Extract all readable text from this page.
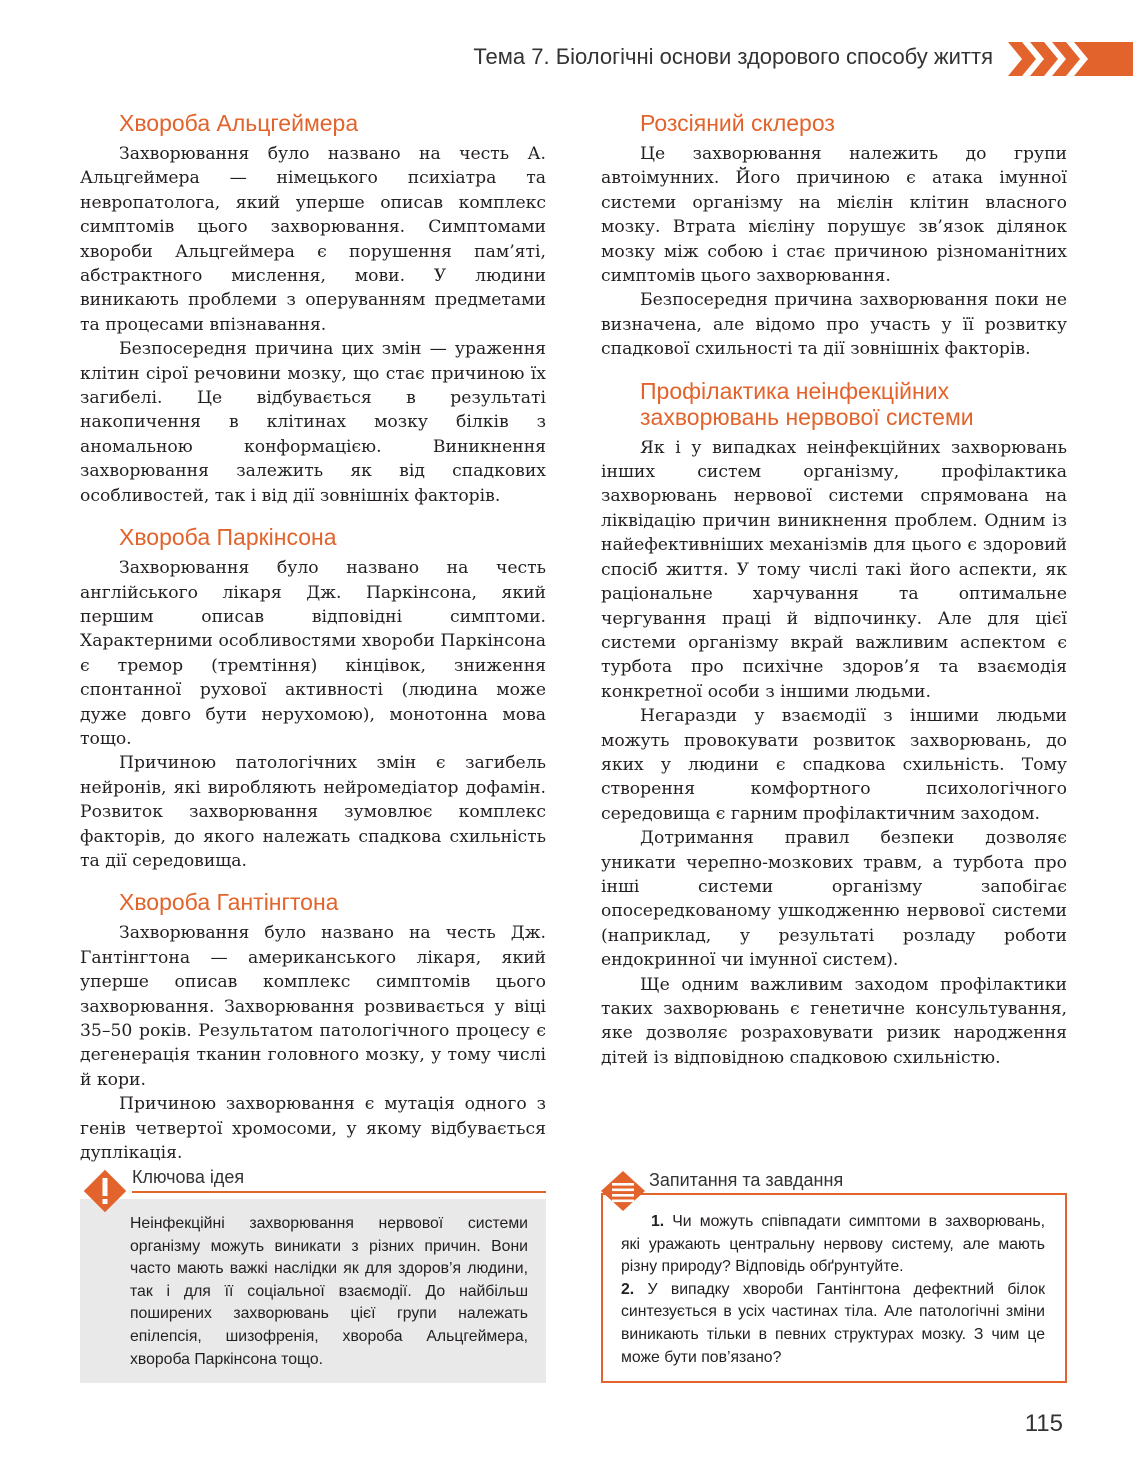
Тема 7. Біологічні основи здорового способу життя
Хвороба Альцгеймера

Захворювання було названо на честь А. Альцгеймера — німецького психіатра та невропатолога, який уперше описав комплекс симптомів цього захворювання. Симптомами хвороби Альцгеймера є порушення пам’яті, абстрактного мислення, мови. У людини виникають проблеми з оперуванням предметами та процесами впізнавання.

Безпосередня причина цих змін — ураження клітин сірої речовини мозку, що стає причиною їх загибелі. Це відбувається в результаті накопичення в клітинах мозку білків з аномальною конформацією. Виникнення захворювання залежить як від спадкових особливостей, так і від дії зовнішніх факторів.

Хвороба Паркінсона

Захворювання було названо на честь англійського лікаря Дж. Паркінсона, який першим описав відповідні симптоми. Характерними особливостями хвороби Паркінсона є тремор (тремтіння) кінцівок, зниження спонтанної рухової активності (людина може дуже довго бути нерухомою), монотонна мова тощо.

Причиною патологічних змін є загибель нейронів, які виробляють нейромедіатор дофамін. Розвиток захворювання зумовлює комплекс факторів, до якого належать спадкова схильність та дії середовища.

Хвороба Гантінгтона

Захворювання було названо на честь Дж. Гантінгтона — американського лікаря, який уперше описав комплекс симптомів цього захворювання. Захворювання розвивається у віці 35–50 років. Результатом патологічного процесу є дегенерація тканин головного мозку, у тому числі й кори.

Причиною захворювання є мутація одного з генів четвертої хромосоми, у якому відбувається дуплікація.

Розсіяний склероз

Це захворювання належить до групи автоімунних. Його причиною є атака імунної системи організму на мієлін клітин власного мозку. Втрата мієліну порушує зв’язок ділянок мозку між собою і стає причиною різноманітних симптомів цього захворювання.

Безпосередня причина захворювання поки не визначена, але відомо про участь у її розвитку спадкової схильності та дії зовнішніх факторів.

Профілактика неінфекційних захворювань нервової системи

Як і у випадках неінфекційних захворювань інших систем організму, профілактика захворювань нервової системи спрямована на ліквідацію причин виникнення проблем. Одним із найефективніших механізмів для цього є здоровий спосіб життя. У тому числі такі його аспекти, як раціональне харчування та оптимальне чергування праці й відпочинку. Але для цієї системи організму вкрай важливим аспектом є турбота про психічне здоров’я та взаємодія конкретної особи з іншими людьми.

Негаразди у взаємодії з іншими людьми можуть провокувати розвиток захворювань, до яких у людини є спадкова схильність. Тому створення комфортного психологічного середовища є гарним профілактичним заходом.

Дотримання правил безпеки дозволяє уникати черепно-мозкових травм, а турбота про інші системи організму запобігає опосередкованому ушкодженню нервової системи (наприклад, у результаті розладу роботи ендокринної чи імунної систем).

Ще одним важливим заходом профілактики таких захворювань є генетичне консультування, яке дозволяє розраховувати ризик народження дітей із відповідною спадковою схильністю.

Неінфекційні захворювання нервової системи організму можуть виникати з різних причин. Вони часто мають важкі наслідки як для здоров’я людини, так і для її соціальної взаємодії. До найбільш поширених захворювань цієї групи належать епілепсія, шизофренія, хвороба Альцгеймера, хвороба Паркінсона тощо.
Ключова ідея
1. Чи можуть співпадати симптоми в захворювань, які уражають центральну нервову систему, але мають різну природу? Відповідь обґрунтуйте.
2. У випадку хвороби Гантінгтона дефектний білок синтезується в усіх частинах тіла. Але патологічні зміни виникають тільки в певних структурах мозку. З чим це може бути пов’язано?
Запитання та завдання
115
